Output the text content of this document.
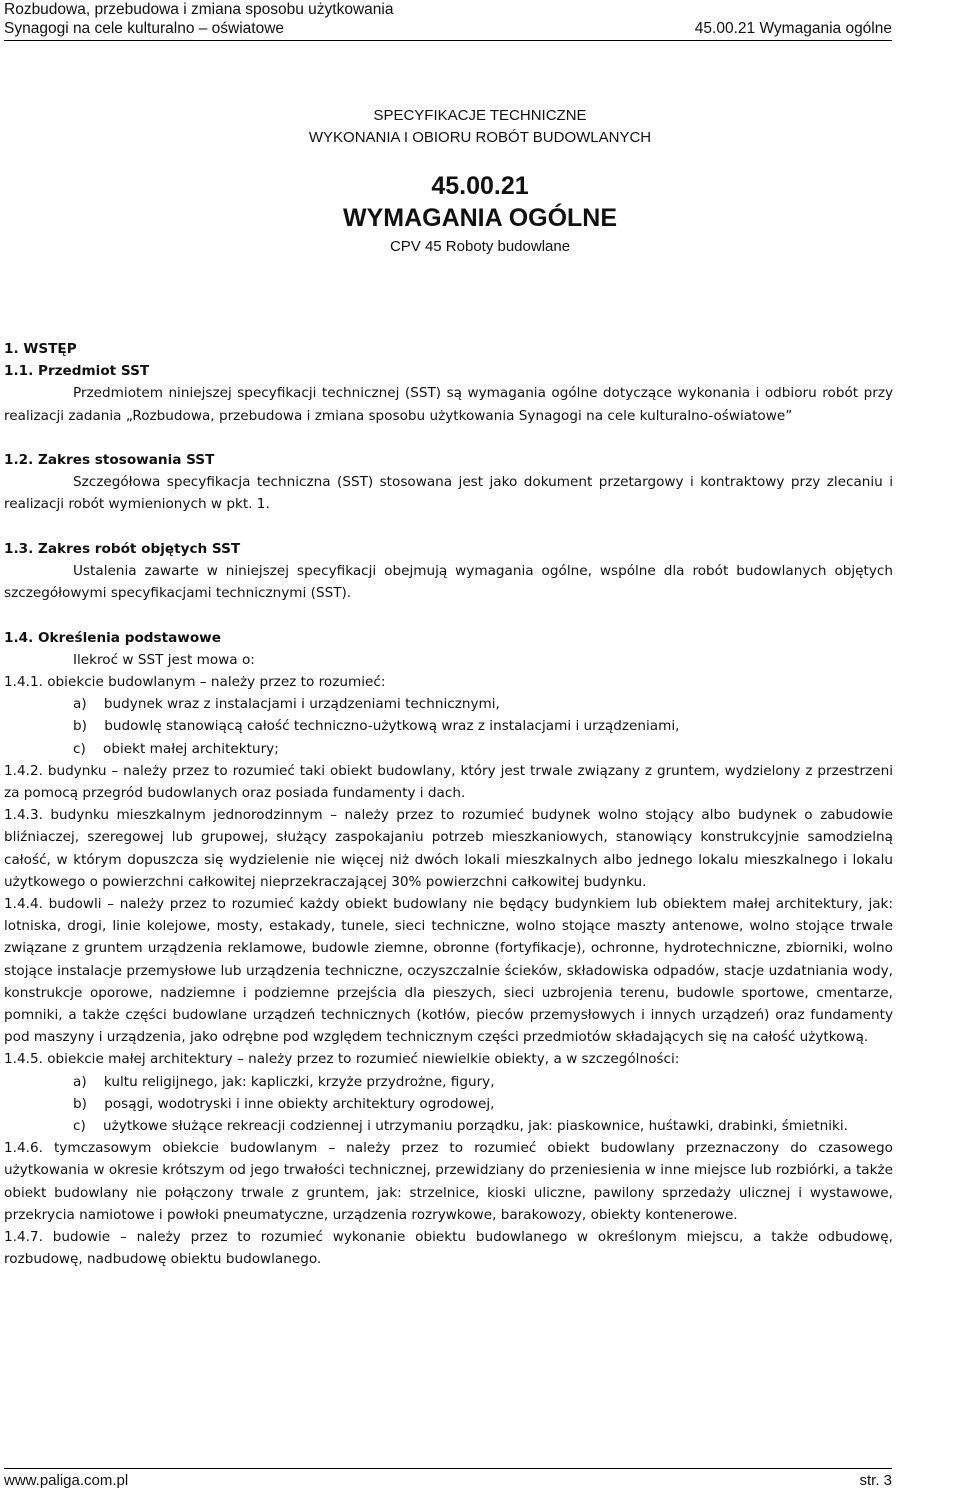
Rozbudowa, przebudowa i zmiana sposobu użytkowania
Synagogi na cele kulturalno – oświatowe	45.00.21 Wymagania ogólne
SPECYFIKACJE TECHNICZNE
WYKONANIA I OBIORU ROBÓT BUDOWLANYCH
45.00.21
WYMAGANIA OGÓLNE
CPV 45 Roboty budowlane

1. WSTĘP

1.1. Przedmiot SST

Przedmiotem niniejszej specyfikacji technicznej (SST) są wymagania ogólne dotyczące wykonania i odbioru robót przy realizacji zadania „Rozbudowa, przebudowa i zmiana sposobu użytkowania Synagogi na cele kulturalno-oświatowe”

1.2. Zakres stosowania SST

Szczegółowa specyfikacja techniczna (SST) stosowana jest jako dokument przetargowy i kontraktowy przy zlecaniu i realizacji robót wymienionych w pkt. 1.

1.3. Zakres robót objętych SST

Ustalenia zawarte w niniejszej specyfikacji obejmują wymagania ogólne, wspólne dla robót budowlanych objętych szczegółowymi specyfikacjami technicznymi (SST).

1.4. Określenia podstawowe

Ilekroć w SST jest mowa o:

1.4.1. obiekcie budowlanym – należy przez to rozumieć:

a)    budynek wraz z instalacjami i urządzeniami technicznymi,

b)    budowlę stanowiącą całość techniczno-użytkową wraz z instalacjami i urządzeniami,

c)    obiekt małej architektury;

1.4.2. budynku – należy przez to rozumieć taki obiekt budowlany, który jest trwale związany z gruntem, wydzielony z przestrzeni za pomocą przegród budowlanych oraz posiada fundamenty i dach.

1.4.3. budynku mieszkalnym jednorodzinnym – należy przez to rozumieć budynek wolno stojący albo budynek o zabudowie bliźniaczej, szeregowej lub grupowej, służący zaspokajaniu potrzeb mieszkaniowych, stanowiący konstrukcyjnie samodzielną całość, w którym dopuszcza się wydzielenie nie więcej niż dwóch lokali mieszkalnych albo jednego lokalu mieszkalnego i lokalu użytkowego o powierzchni całkowitej nieprzekraczającej 30% powierzchni całkowitej budynku.

1.4.4. budowli – należy przez to rozumieć każdy obiekt budowlany nie będący budynkiem lub obiektem małej architektury, jak: lotniska, drogi, linie kolejowe, mosty, estakady, tunele, sieci techniczne, wolno stojące maszty antenowe, wolno stojące trwale związane z gruntem urządzenia reklamowe, budowle ziemne, obronne (fortyfikacje), ochronne, hydrotechniczne, zbiorniki, wolno stojące instalacje przemysłowe lub urządzenia techniczne, oczyszczalnie ścieków, składowiska odpadów, stacje uzdatniania wody, konstrukcje oporowe, nadziemne i podziemne przejścia dla pieszych, sieci uzbrojenia terenu, budowle sportowe, cmentarze, pomniki, a także części budowlane urządzeń technicznych (kotłów, pieców przemysłowych i innych urządzeń) oraz fundamenty pod maszyny i urządzenia, jako odrębne pod względem technicznym części przedmiotów składających się na całość użytkową.

1.4.5. obiekcie małej architektury – należy przez to rozumieć niewielkie obiekty, a w szczególności:

a)    kultu religijnego, jak: kapliczki, krzyże przydrożne, figury,

b)    posągi, wodotryski i inne obiekty architektury ogrodowej,

c)    użytkowe służące rekreacji codziennej i utrzymaniu porządku, jak: piaskownice, huśtawki, drabinki, śmietniki.

1.4.6. tymczasowym obiekcie budowlanym – należy przez to rozumieć obiekt budowlany przeznaczony do czasowego użytkowania w okresie krótszym od jego trwałości technicznej, przewidziany do przeniesienia w inne miejsce lub rozbiórki, a także obiekt budowlany nie połączony trwale z gruntem, jak: strzelnice, kioski uliczne, pawilony sprzedaży ulicznej i wystawowe, przekrycia namiotowe i powłoki pneumatyczne, urządzenia rozrywkowe, barakowozy, obiekty kontenerowe.

1.4.7. budowie – należy przez to rozumieć wykonanie obiektu budowlanego w określonym miejscu, a także odbudowę, rozbudowę, nadbudowę obiektu budowlanego.

www.paliga.com.pl	str. 3
